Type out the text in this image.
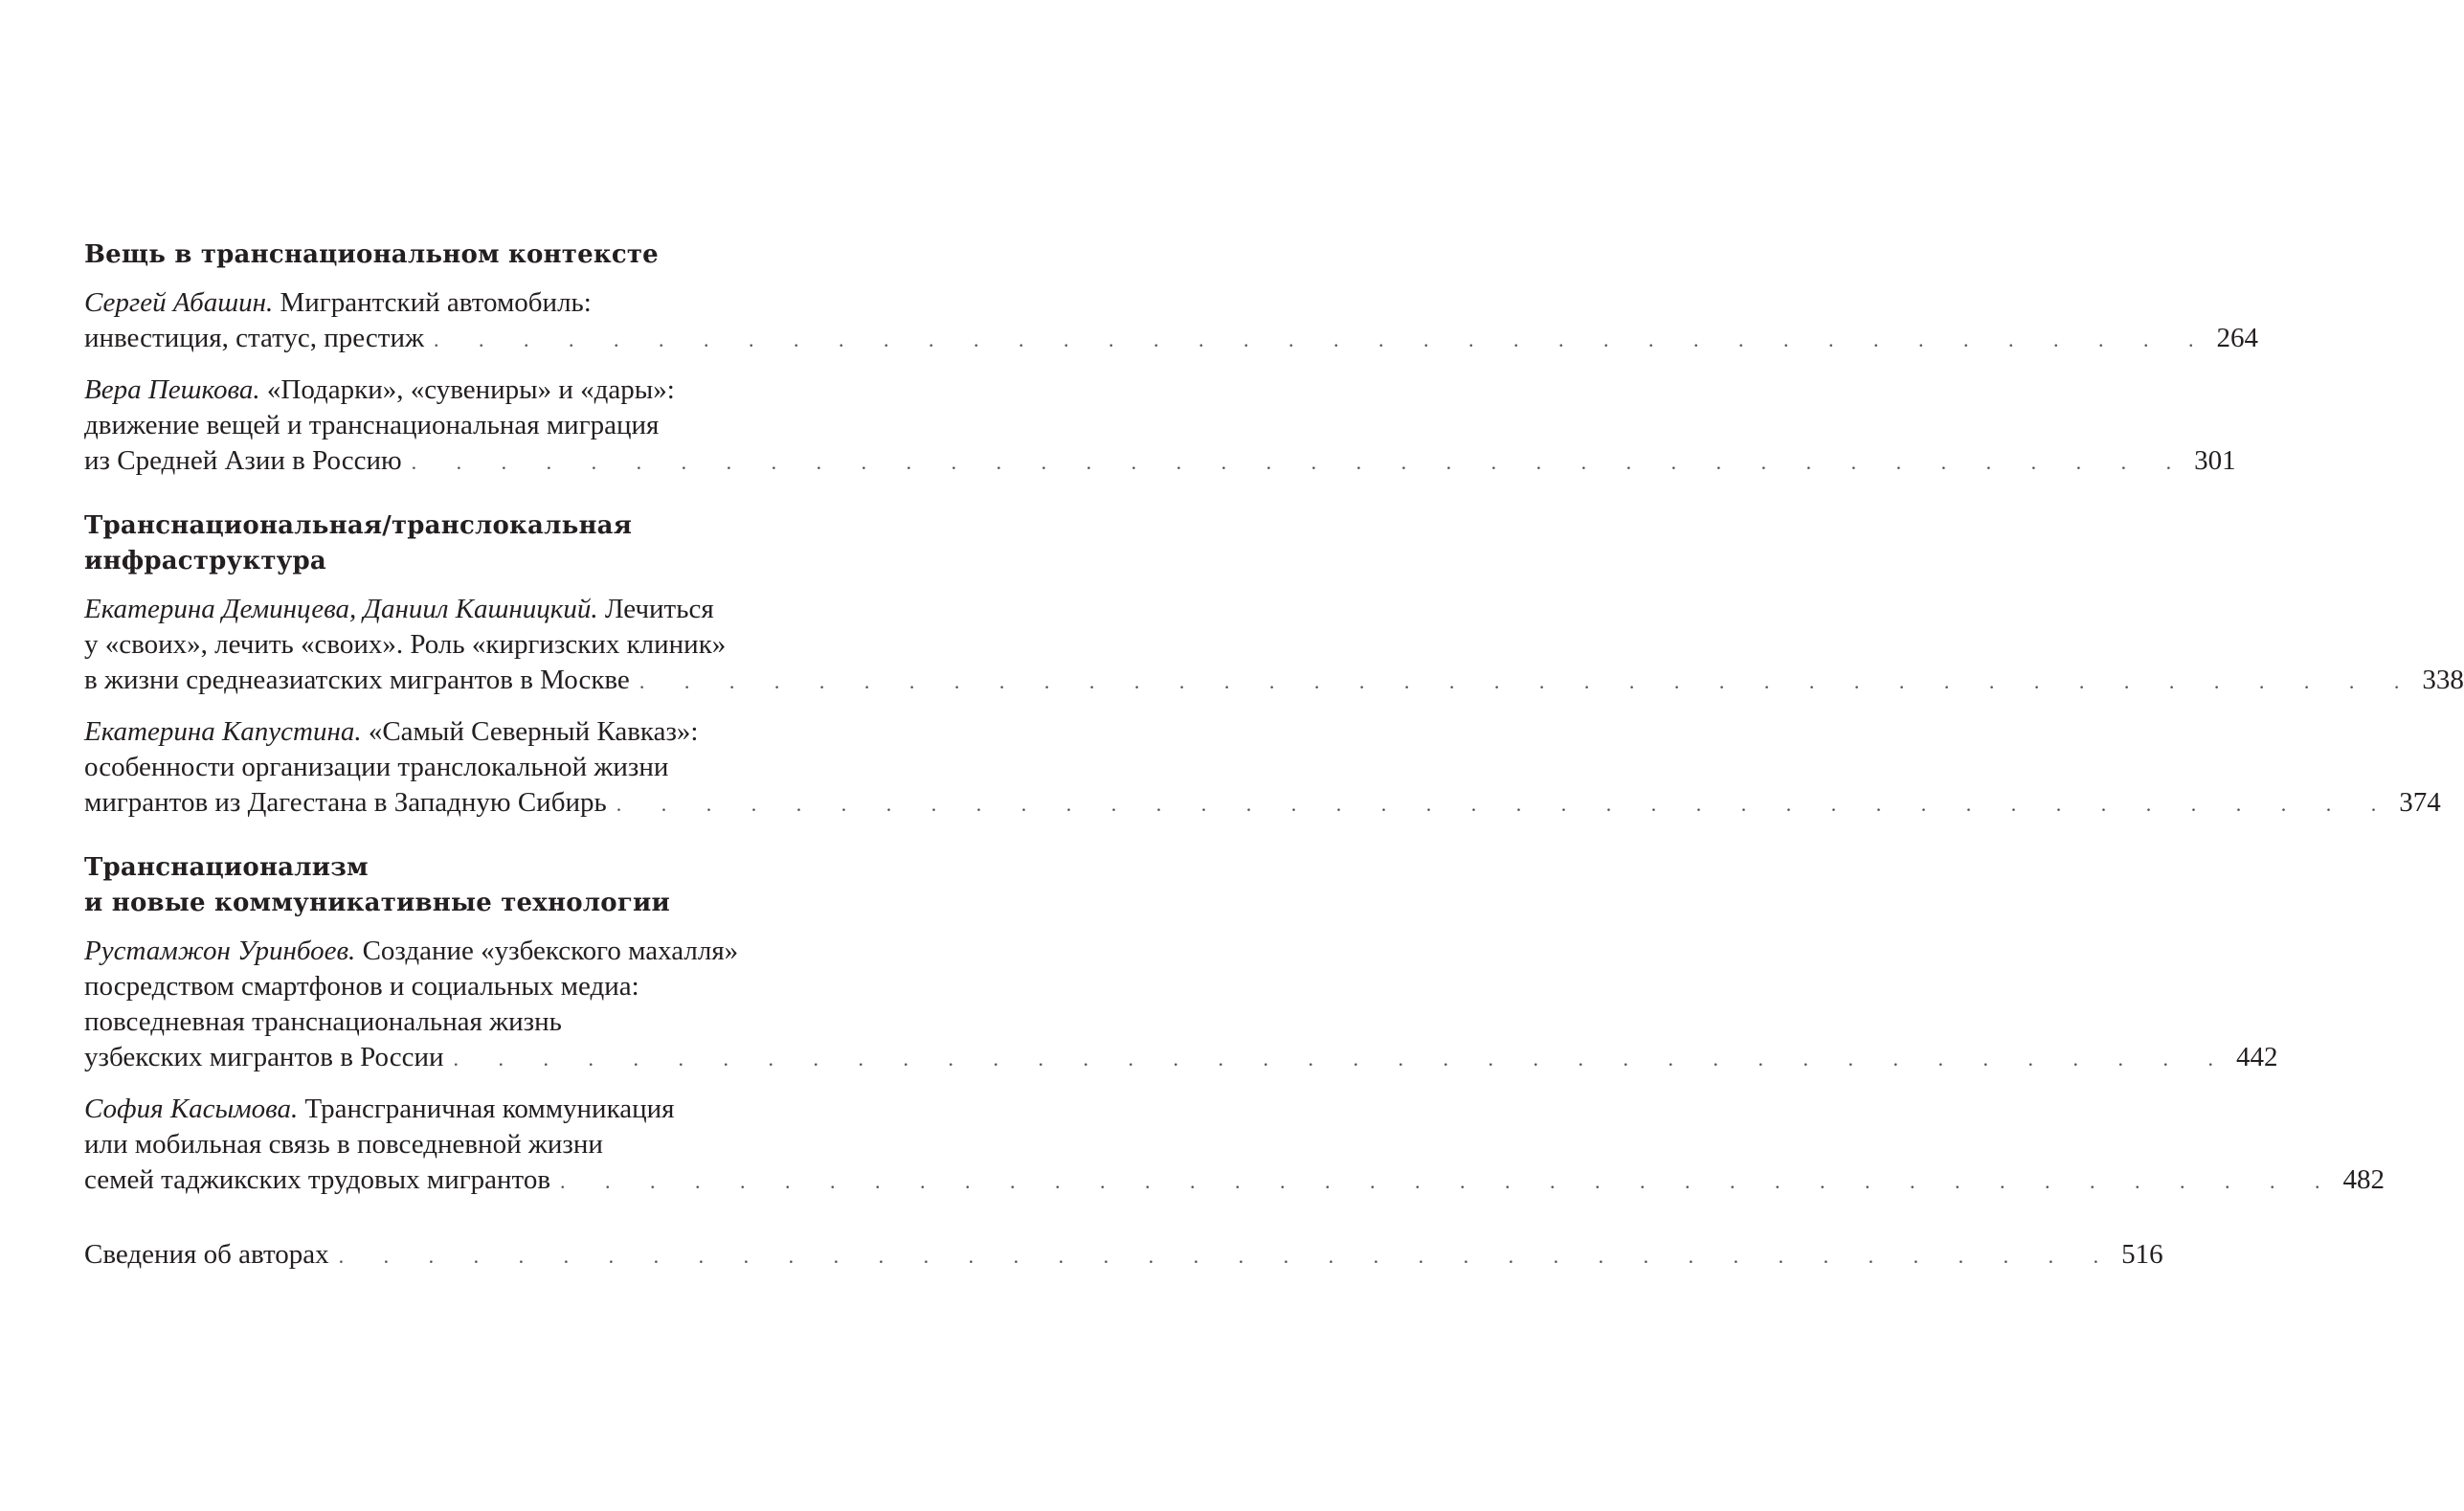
Вещь в транснациональном контексте
Сергей Абашин. Мигрантский автомобиль:
инвестиция, статус, престиж . . . . . . . . . . . . . . . . . . . . . . . . . . . . . . . . . . . . . . . . 264
Вера Пешкова. «Подарки», «сувениры» и «дары»:
движение вещей и транснациональная миграция
из Средней Азии в Россию . . . . . . . . . . . . . . . . . . . . . . . . . . . . . . . . . . . . . . . . 301
Транснациональная/транслокальная
инфраструктура
Екатерина Деминцева, Даниил Кашницкий. Лечиться
у «своих», лечить «своих». Роль «киргизских клиник»
в жизни среднеазиатских мигрантов в Москве . . . . . . . . . . . . . . . . . . . . . . . . . . . . . . . . . . . . . . . . 338
Екатерина Капустина. «Самый Северный Кавказ»:
особенности организации транслокальной жизни
мигрантов из Дагестана в Западную Сибирь . . . . . . . . . . . . . . . . . . . . . . . . . . . . . . . . . . . . . . . . 374
Транснационализм
и новые коммуникативные технологии
Рустамжон Уринбоев. Создание «узбекского махалля»
посредством смартфонов и социальных медиа:
повседневная транснациональная жизнь
узбекских мигрантов в России . . . . . . . . . . . . . . . . . . . . . . . . . . . . . . . . . . . . . . . . 442
София Касымова. Трансграничная коммуникация
или мобильная связь в повседневной жизни
семей таджикских трудовых мигрантов . . . . . . . . . . . . . . . . . . . . . . . . . . . . . . . . . . . . . . . . 482
Сведения об авторах . . . . . . . . . . . . . . . . . . . . . . . . . . . . . . . . . . . . . . . . 516
